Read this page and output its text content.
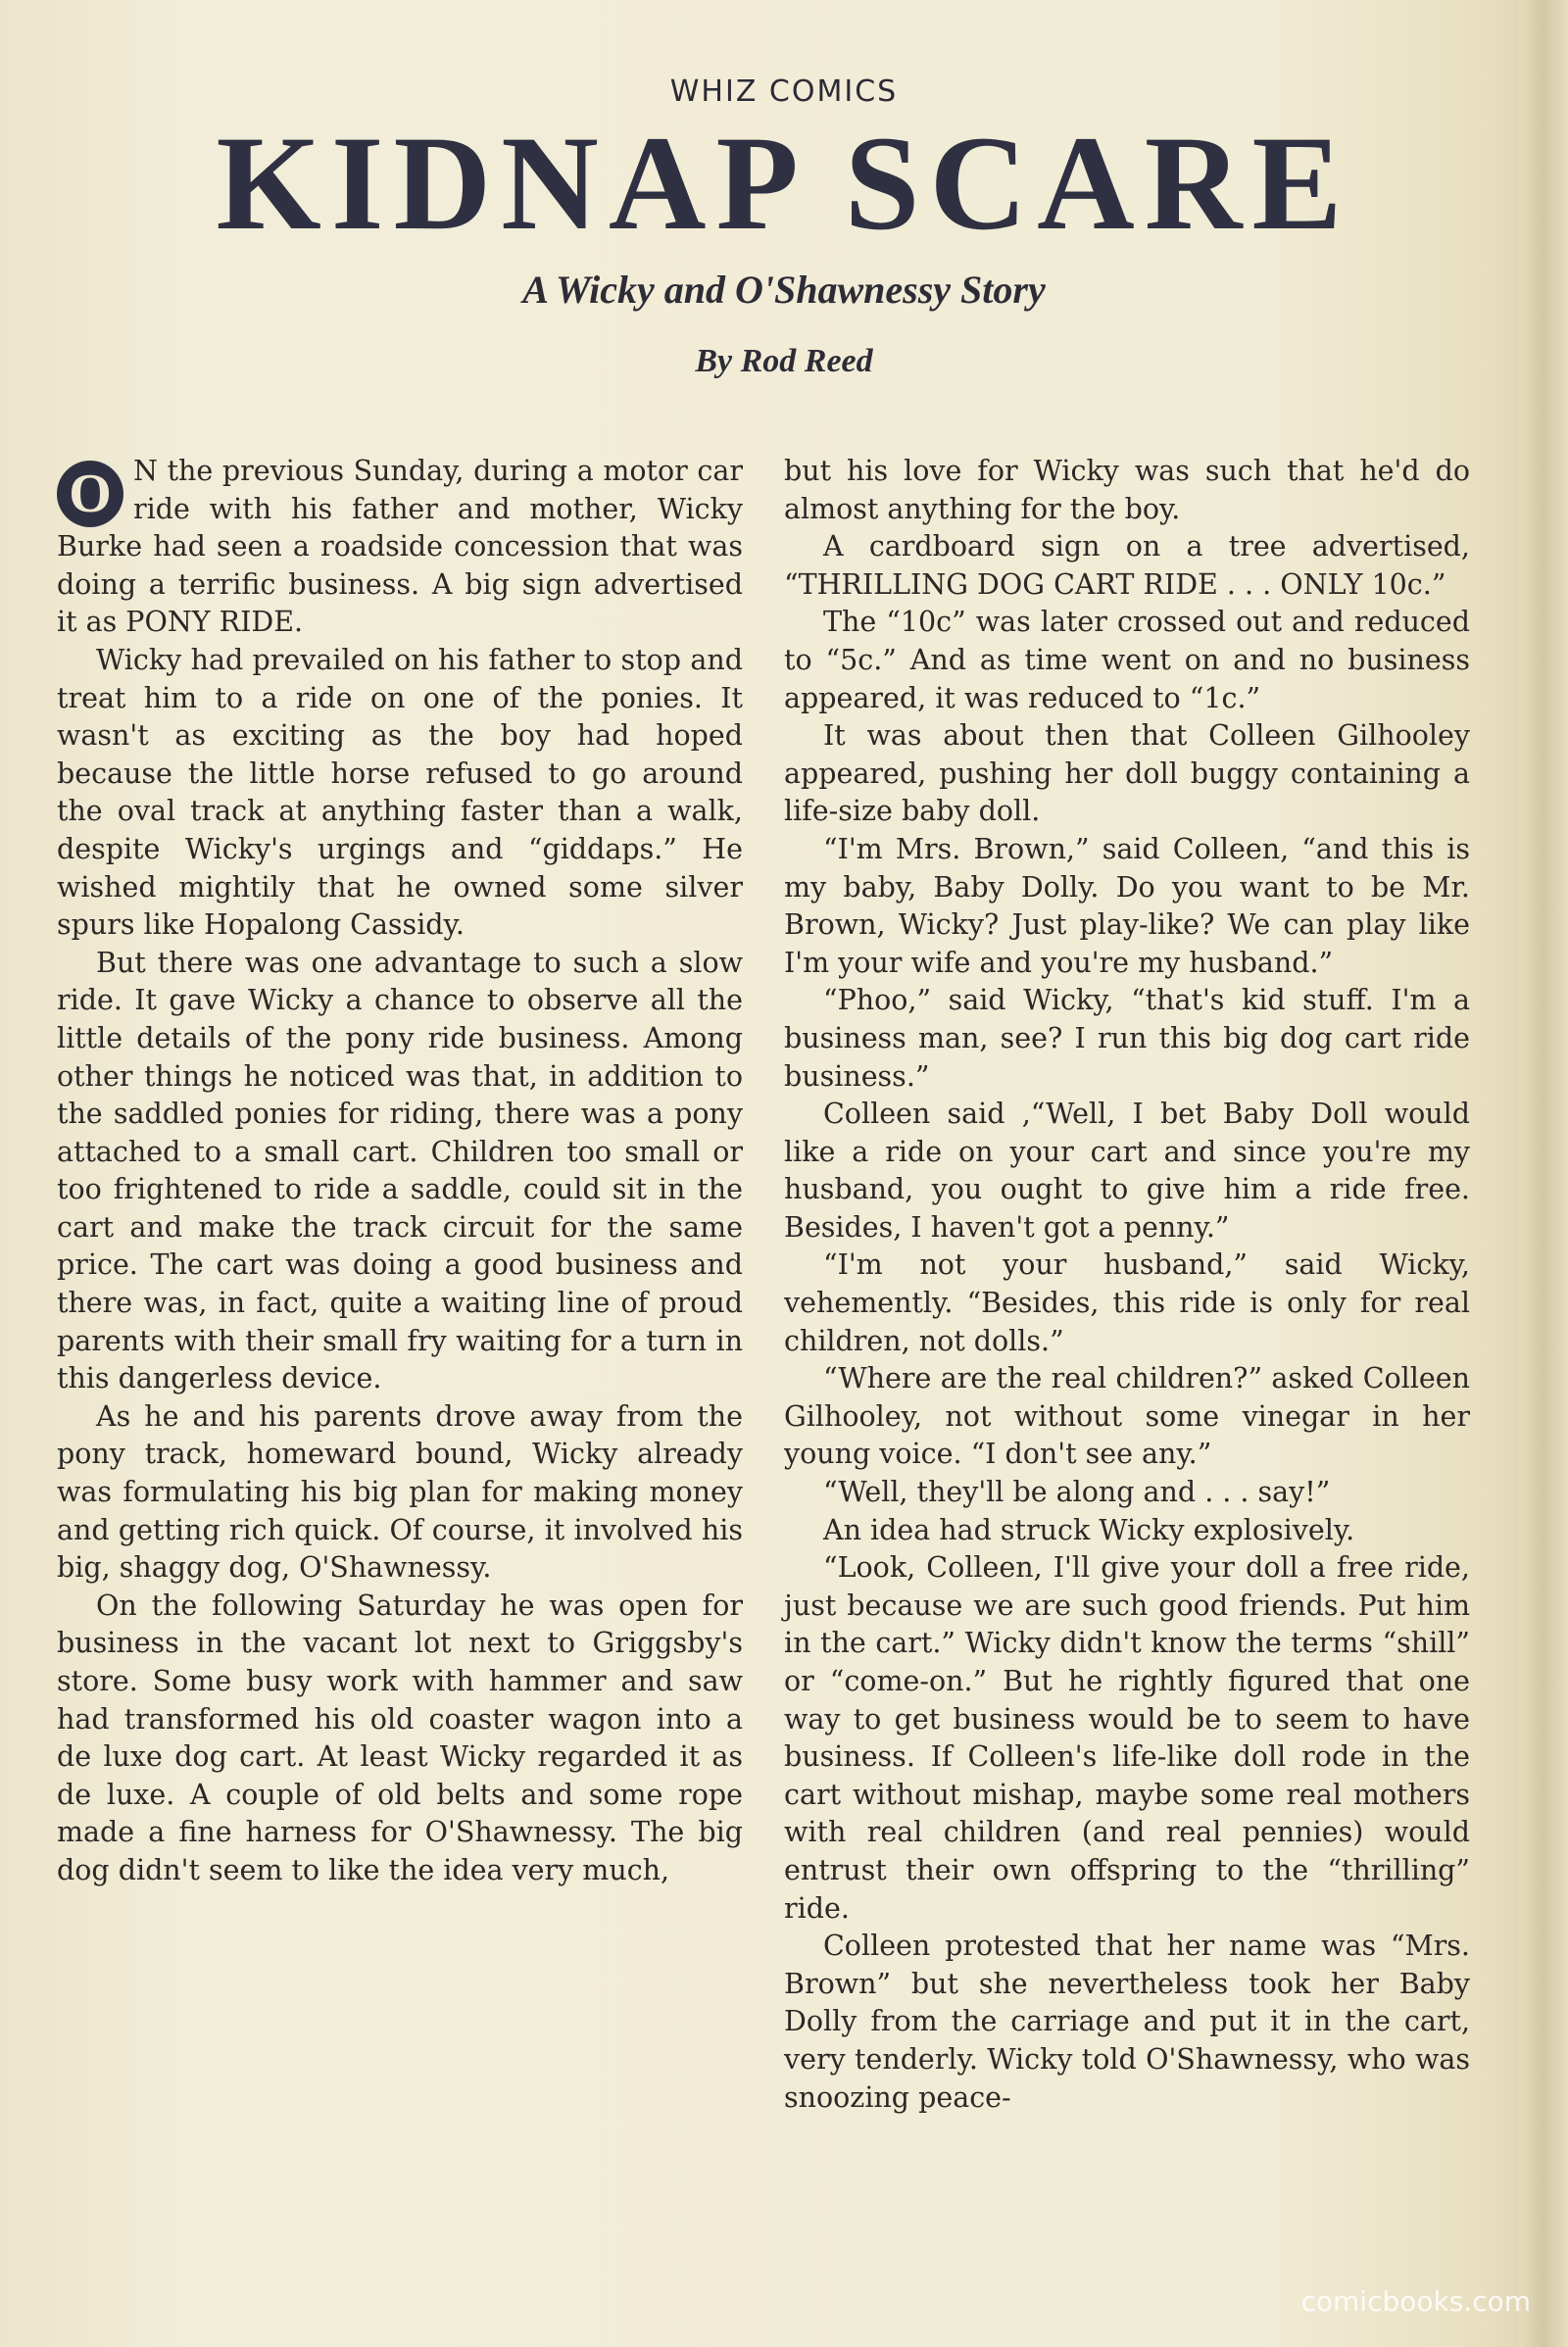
WHIZ COMICS
KIDNAP SCARE
A Wicky and O'Shawnessy Story
By Rod Reed

O N the previous Sunday, during a motor car ride with his father and mother, Wicky Burke had seen a roadside concession that was doing a terrific business. A big sign advertised it as PONY RIDE.

Wicky had prevailed on his father to stop and treat him to a ride on one of the ponies. It wasn't as exciting as the boy had hoped because the little horse refused to go around the oval track at anything faster than a walk, despite Wicky's urgings and “giddaps.” He wished mightily that he owned some silver spurs like Hopalong Cassidy.

But there was one advantage to such a slow ride. It gave Wicky a chance to observe all the little details of the pony ride business. Among other things he noticed was that, in addition to the saddled ponies for riding, there was a pony attached to a small cart. Children too small or too frightened to ride a saddle, could sit in the cart and make the track circuit for the same price. The cart was doing a good business and there was, in fact, quite a waiting line of proud parents with their small fry waiting for a turn in this dangerless device.

As he and his parents drove away from the pony track, homeward bound, Wicky already was formulating his big plan for making money and getting rich quick. Of course, it involved his big, shaggy dog, O'Shawnessy.

On the following Saturday he was open for business in the vacant lot next to Griggsby's store. Some busy work with hammer and saw had transformed his old coaster wagon into a de luxe dog cart. At least Wicky regarded it as de luxe. A couple of old belts and some rope made a fine harness for O'Shawnessy. The big dog didn't seem to like the idea very much,

but his love for Wicky was such that he'd do almost anything for the boy.

A cardboard sign on a tree advertised, “THRILLING DOG CART RIDE . . . ONLY 10c.”

The “10c” was later crossed out and reduced to “5c.” And as time went on and no business appeared, it was reduced to “1c.”

It was about then that Colleen Gilhooley appeared, pushing her doll buggy containing a life-size baby doll.

“I'm Mrs. Brown,” said Colleen, “and this is my baby, Baby Dolly. Do you want to be Mr. Brown, Wicky? Just play-like? We can play like I'm your wife and you're my husband.”

“Phoo,” said Wicky, “that's kid stuff. I'm a business man, see? I run this big dog cart ride business.”

Colleen said ,“Well, I bet Baby Doll would like a ride on your cart and since you're my husband, you ought to give him a ride free. Besides, I haven't got a penny.”

“I'm not your husband,” said Wicky, vehemently. “Besides, this ride is only for real children, not dolls.”

“Where are the real children?” asked Colleen Gilhooley, not without some vinegar in her young voice. “I don't see any.”

“Well, they'll be along and . . . say!”

An idea had struck Wicky explosively.

“Look, Colleen, I'll give your doll a free ride, just because we are such good friends. Put him in the cart.” Wicky didn't know the terms “shill” or “come-on.” But he rightly figured that one way to get business would be to seem to have business. If Colleen's life-like doll rode in the cart without mishap, maybe some real mothers with real children (and real pennies) would entrust their own offspring to the “thrilling” ride.

Colleen protested that her name was “Mrs. Brown” but she nevertheless took her Baby Dolly from the carriage and put it in the cart, very tenderly. Wicky told O'Shawnessy, who was snoozing peace-

comicbooks.com
